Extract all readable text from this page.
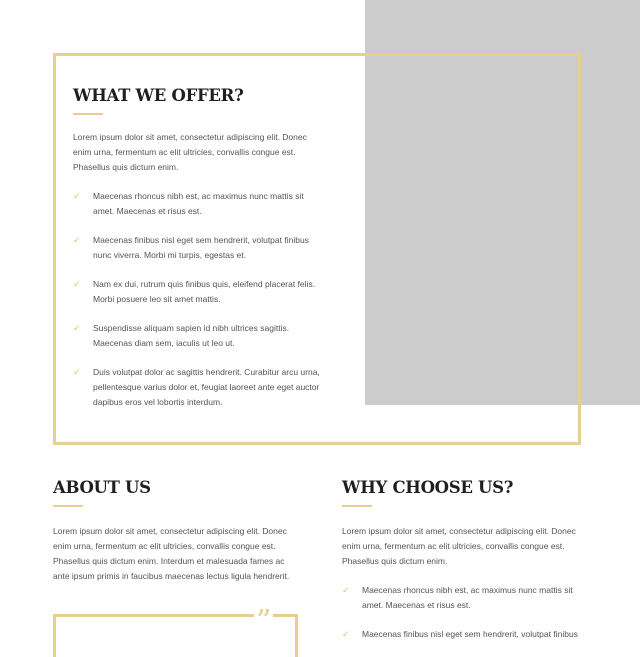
WHAT WE OFFER?

Lorem ipsum dolor sit amet, consectetur adipiscing elit. Donec enim urna, fermentum ac elit ultricies, convallis congue est. Phasellus quis dictum enim.

✓ Maecenas rhoncus nibh est, ac maximus nunc mattis sit amet. Maecenas et risus est.
✓ Maecenas finibus nisl eget sem hendrerit, volutpat finibus nunc viverra. Morbi mi turpis, egestas et.
✓ Nam ex dui, rutrum quis finibus quis, eleifend placerat felis. Morbi posuere leo sit amet mattis.
✓ Suspendisse aliquam sapien id nibh ultrices sagittis. Maecenas diam sem, iaculis ut leo ut.
✓ Duis volutpat dolor ac sagittis hendrerit. Curabitur arcu urna, pellentesque varius dolor et, feugiat laoreet ante eget auctor dapibus eros vel lobortis interdum.
ABOUT US

Lorem ipsum dolor sit amet, consectetur adipiscing elit. Donec enim urna, fermentum ac elit ultricies, convallis congue est. Phasellus quis dictum enim. Interdum et malesuada fames ac ante ipsum primis in faucibus maecenas lectus ligula hendrerit.

WHY CHOOSE US?

Lorem ipsum dolor sit amet, consectetur adipiscing elit. Donec enim urna, fermentum ac elit ultricies, convallis congue est. Phasellus quis dictum enim.

✓ Maecenas rhoncus nibh est, ac maximus nunc mattis sit amet. Maecenas et risus est.
✓ Maecenas finibus nisl eget sem hendrerit, volutpat finibus
”
